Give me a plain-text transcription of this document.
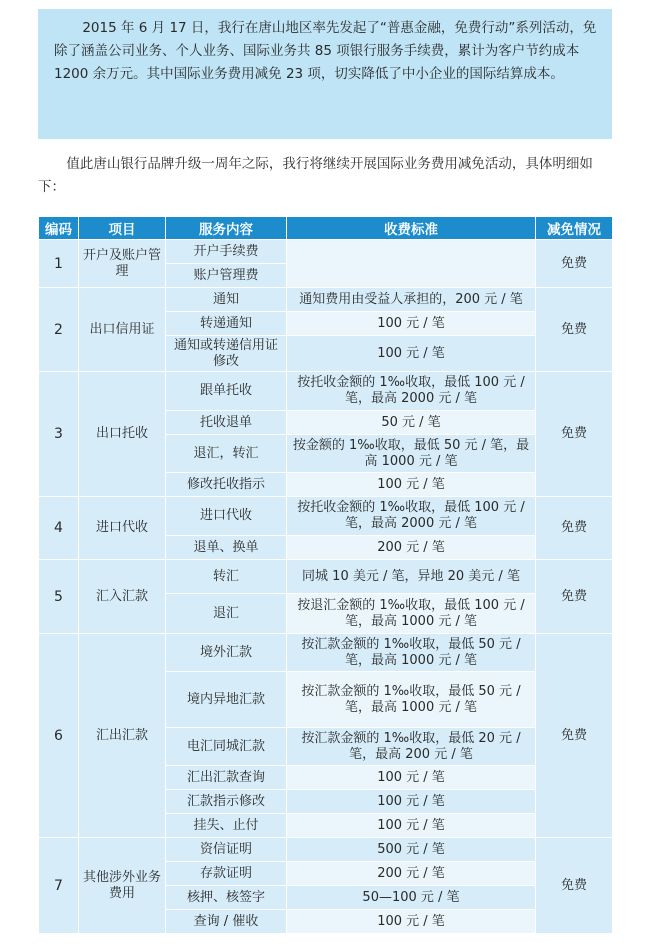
2015 年 6 月 17 日，我行在唐山地区率先发起了“普惠金融，免费行动”系列活动，免除了涵盖公司业务、个人业务、国际业务共 85 项银行服务手续费，累计为客户节约成本 1200 余万元。其中国际业务费用减免 23 项，切实降低了中小企业的国际结算成本。

值此唐山银行品牌升级一周年之际，我行将继续开展国际业务费用减免活动，具体明细如下：

编码	项目	服务内容	收费标准	减免情况
1	开户及账户管理	开户手续费		免费
		账户管理费		
2	出口信用证	通知	通知费用由受益人承担的，200 元 / 笔	免费
		转递通知	100 元 / 笔	
		通知或转递信用证修改	100 元 / 笔	
3	出口托收	跟单托收	按托收金额的 1‰收取，最低 100 元 / 笔，最高 2000 元 / 笔	免费
		托收退单	50 元 / 笔	
		退汇，转汇	按金额的 1‰收取，最低 50 元 / 笔，最高 1000 元 / 笔	
		修改托收指示	100 元 / 笔	
4	进口代收	进口代收	按托收金额的 1‰收取，最低 100 元 / 笔，最高 2000 元 / 笔	免费
		退单、换单	200 元 / 笔	
5	汇入汇款	转汇	同城 10 美元 / 笔，异地 20 美元 / 笔	免费
		退汇	按退汇金额的 1‰收取，最低 100 元 / 笔，最高 1000 元 / 笔	
6	汇出汇款	境外汇款	按汇款金额的 1‰收取，最低 50 元 / 笔，最高 1000 元 / 笔	免费
		境内异地汇款	按汇款金额的 1‰收取，最低 50 元 / 笔，最高 1000 元 / 笔	
		电汇同城汇款	按汇款金额的 1‰收取，最低 20 元 / 笔，最高 200 元 / 笔	
		汇出汇款查询	100 元 / 笔	
		汇款指示修改	100 元 / 笔	
		挂失、止付	100 元 / 笔	
7	其他涉外业务费用	资信证明	500 元 / 笔	免费
		存款证明	200 元 / 笔	
		核押、核签字	50—100 元 / 笔	
		查询 / 催收	100 元 / 笔	
